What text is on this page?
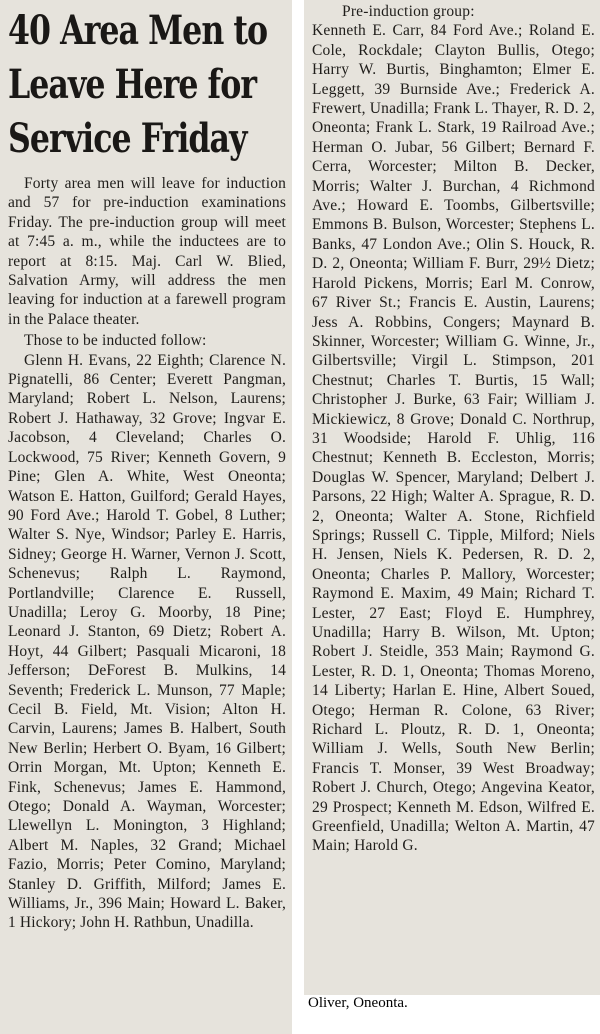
40 Area Men to Leave Here for Service Friday

Forty area men will leave for induction and 57 for pre-induction examinations Friday. The pre-induction group will meet at 7:45 a. m., while the inductees are to report at 8:15. Maj. Carl W. Blied, Salvation Army, will address the men leaving for induction at a farewell program in the Palace theater.

Those to be inducted follow:

Glenn H. Evans, 22 Eighth; Clarence N. Pignatelli, 86 Center; Everett Pangman, Maryland; Robert L. Nelson, Laurens; Robert J. Hathaway, 32 Grove; Ingvar E. Jacobson, 4 Cleveland; Charles O. Lockwood, 75 River; Kenneth Govern, 9 Pine; Glen A. White, West Oneonta; Watson E. Hatton, Guilford; Gerald Hayes, 90 Ford Ave.; Harold T. Gobel, 8 Luther; Walter S. Nye, Windsor; Parley E. Harris, Sidney; George H. Warner, Vernon J. Scott, Schenevus; Ralph L. Raymond, Portlandville; Clarence E. Russell, Unadilla; Leroy G. Moorby, 18 Pine; Leonard J. Stanton, 69 Dietz; Robert A. Hoyt, 44 Gilbert; Pasquali Micaroni, 18 Jefferson; DeForest B. Mulkins, 14 Seventh; Frederick L. Munson, 77 Maple; Cecil B. Field, Mt. Vision; Alton H. Carvin, Laurens; James B. Halbert, South New Berlin; Herbert O. Byam, 16 Gilbert; Orrin Morgan, Mt. Upton; Kenneth E. Fink, Schenevus; James E. Hammond, Otego; Donald A. Wayman, Worcester; Llewellyn L. Monington, 3 Highland; Albert M. Naples, 32 Grand; Michael Fazio, Morris; Peter Comino, Maryland; Stanley D. Griffith, Milford; James E. Williams, Jr., 396 Main; Howard L. Baker, 1 Hickory; John H. Rathbun, Unadilla.

Pre-induction group:

Kenneth E. Carr, 84 Ford Ave.; Roland E. Cole, Rockdale; Clayton Bullis, Otego; Harry W. Burtis, Binghamton; Elmer E. Leggett, 39 Burnside Ave.; Frederick A. Frewert, Unadilla; Frank L. Thayer, R. D. 2, Oneonta; Frank L. Stark, 19 Railroad Ave.; Herman O. Jubar, 56 Gilbert; Bernard F. Cerra, Worcester; Milton B. Decker, Morris; Walter J. Burchan, 4 Richmond Ave.; Howard E. Toombs, Gilbertsville; Emmons B. Bulson, Worcester; Stephens L. Banks, 47 London Ave.; Olin S. Houck, R. D. 2, Oneonta; William F. Burr, 29½ Dietz; Harold Pickens, Morris; Earl M. Conrow, 67 River St.; Francis E. Austin, Laurens; Jess A. Robbins, Congers; Maynard B. Skinner, Worcester; William G. Winne, Jr., Gilbertsville; Virgil L. Stimpson, 201 Chestnut; Charles T. Burtis, 15 Wall; Christopher J. Burke, 63 Fair; William J. Mickiewicz, 8 Grove; Donald C. Northrup, 31 Woodside; Harold F. Uhlig, 116 Chestnut; Kenneth B. Eccleston, Morris; Douglas W. Spencer, Maryland; Delbert J. Parsons, 22 High; Walter A. Sprague, R. D. 2, Oneonta; Walter A. Stone, Richfield Springs; Russell C. Tipple, Milford; Niels H. Jensen, Niels K. Pedersen, R. D. 2, Oneonta; Charles P. Mallory, Worcester; Raymond E. Maxim, 49 Main; Richard T. Lester, 27 East; Floyd E. Humphrey, Unadilla; Harry B. Wilson, Mt. Upton; Robert J. Steidle, 353 Main; Raymond G. Lester, R. D. 1, Oneonta; Thomas Moreno, 14 Liberty; Harlan E. Hine, Albert Soued, Otego; Herman R. Colone, 63 River; Richard L. Ploutz, R. D. 1, Oneonta; William J. Wells, South New Berlin; Francis T. Monser, 39 West Broadway; Robert J. Church, Otego; Angevina Keator, 29 Prospect; Kenneth M. Edson, Wilfred E. Greenfield, Unadilla; Welton A. Martin, 47 Main; Harold G.

Oliver, Oneonta.
